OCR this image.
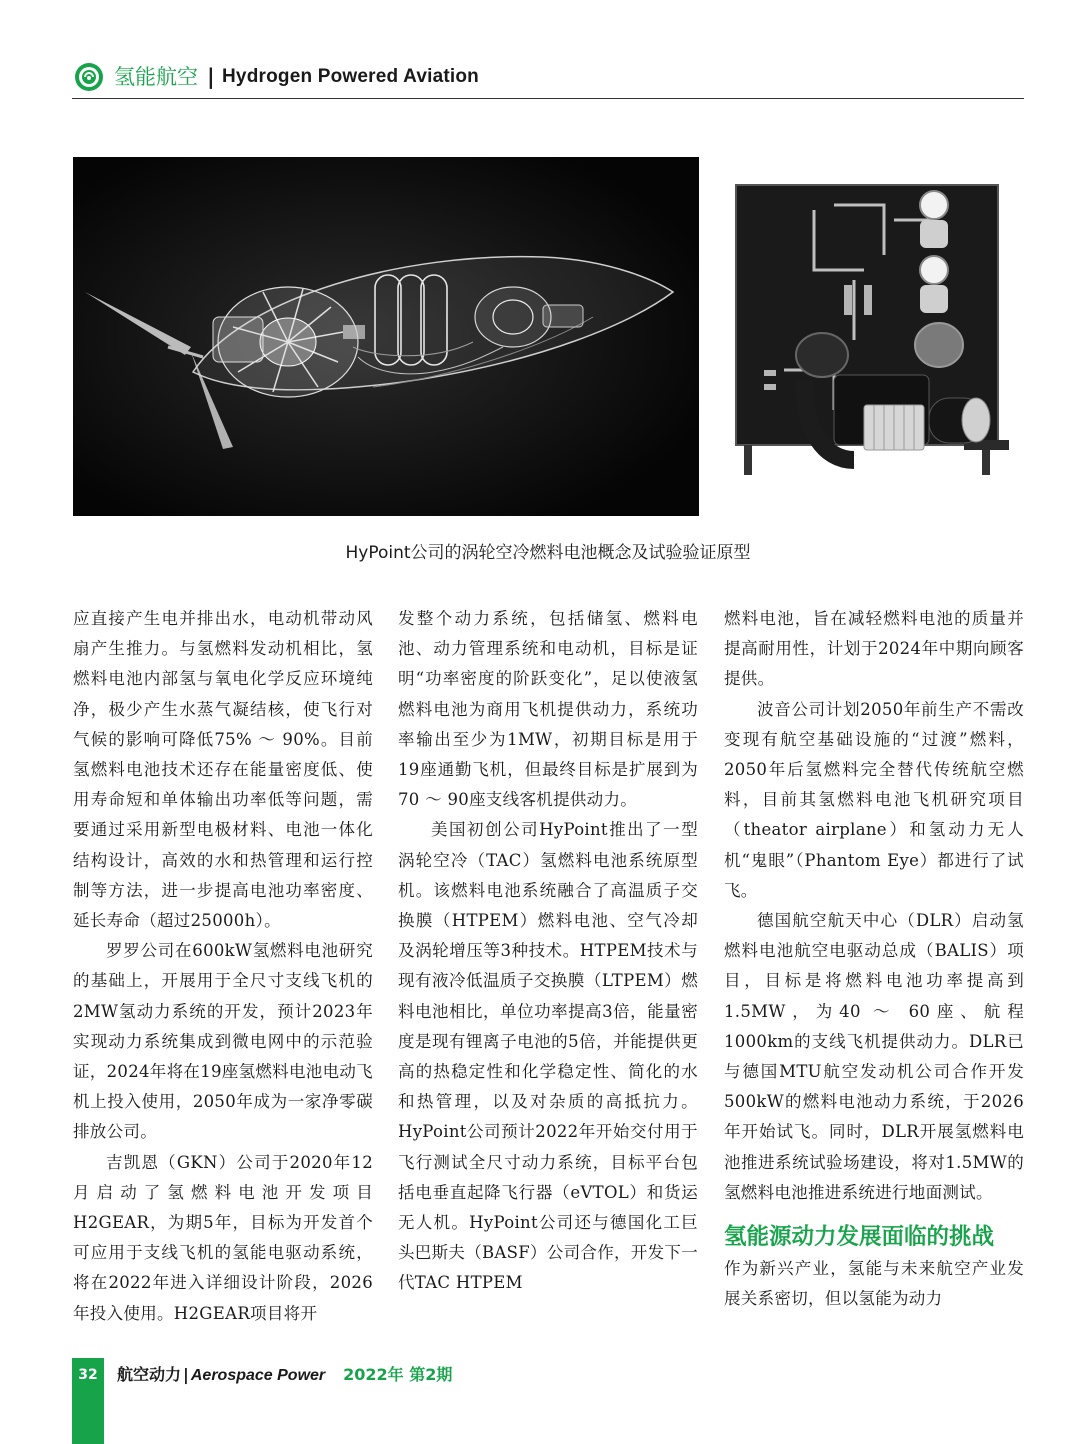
氢能航空 | Hydrogen Powered Aviation
HyPoint公司的涡轮空冷燃料电池概念及试验验证原型

应直接产生电并排出水，电动机带动风扇产生推力。与氢燃料发动机相比，氢燃料电池内部氢与氧电化学反应环境纯净，极少产生水蒸气凝结核，使飞行对气候的影响可降低75% ～ 90%。目前氢燃料电池技术还存在能量密度低、使用寿命短和单体输出功率低等问题，需要通过采用新型电极材料、电池一体化结构设计，高效的水和热管理和运行控制等方法，进一步提高电池功率密度、延长寿命（超过25000h）。

罗罗公司在600kW氢燃料电池研究的基础上，开展用于全尺寸支线飞机的2MW氢动力系统的开发，预计2023年实现动力系统集成到微电网中的示范验证，2024年将在19座氢燃料电池电动飞机上投入使用，2050年成为一家净零碳排放公司。

吉凯恩（GKN）公司于2020年12月启动了氢燃料电池开发项目H2GEAR，为期5年，目标为开发首个可应用于支线飞机的氢能电驱动系统，将在2022年进入详细设计阶段，2026年投入使用。H2GEAR项目将开

发整个动力系统，包括储氢、燃料电池、动力管理系统和电动机，目标是证明“功率密度的阶跃变化”，足以使液氢燃料电池为商用飞机提供动力，系统功率输出至少为1MW，初期目标是用于19座通勤飞机，但最终目标是扩展到为70 ～ 90座支线客机提供动力。

美国初创公司HyPoint推出了一型涡轮空冷（TAC）氢燃料电池系统原型机。该燃料电池系统融合了高温质子交换膜（HTPEM）燃料电池、空气冷却及涡轮增压等3种技术。HTPEM技术与现有液冷低温质子交换膜（LTPEM）燃料电池相比，单位功率提高3倍，能量密度是现有锂离子电池的5倍，并能提供更高的热稳定性和化学稳定性、简化的水和热管理，以及对杂质的高抵抗力。HyPoint公司预计2022年开始交付用于飞行测试全尺寸动力系统，目标平台包括电垂直起降飞行器（eVTOL）和货运无人机。HyPoint公司还与德国化工巨头巴斯夫（BASF）公司合作，开发下一代TAC HTPEM

燃料电池，旨在减轻燃料电池的质量并提高耐用性，计划于2024年中期向顾客提供。

波音公司计划2050年前生产不需改变现有航空基础设施的“过渡”燃料，2050年后氢燃料完全替代传统航空燃料，目前其氢燃料电池飞机研究项目（theator airplane）和氢动力无人机“鬼眼”（Phantom Eye）都进行了试飞。

德国航空航天中心（DLR）启动氢燃料电池航空电驱动总成（BALIS）项目，目标是将燃料电池功率提高到1.5MW，为40 ～ 60座、航程1000km的支线飞机提供动力。DLR已与德国MTU航空发动机公司合作开发500kW的燃料电池动力系统，于2026年开始试飞。同时，DLR开展氢燃料电池推进系统试验场建设，将对1.5MW的氢燃料电池推进系统进行地面测试。

氢能源动力发展面临的挑战

作为新兴产业，氢能与未来航空产业发展关系密切，但以氢能为动力

32	航空动力 | Aerospace Power 2022年 第2期
